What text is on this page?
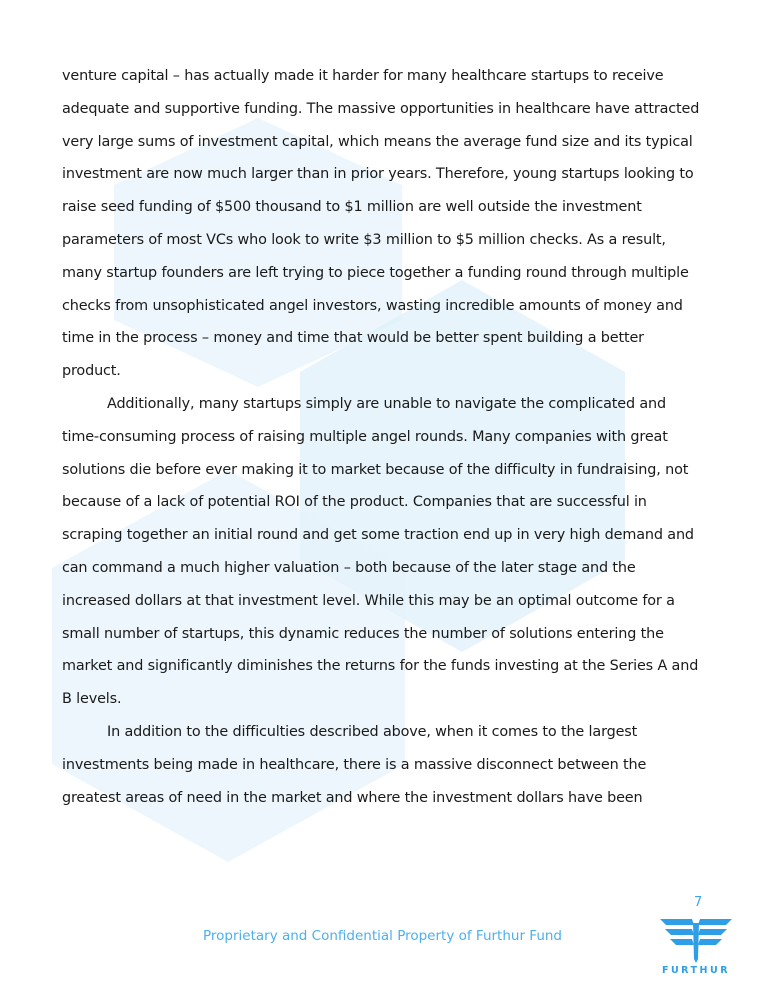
venture capital – has actually made it harder for many healthcare startups to receive adequate and supportive funding. The massive opportunities in healthcare have attracted very large sums of investment capital, which means the average fund size and its typical investment are now much larger than in prior years. Therefore, young startups looking to raise seed funding of $500 thousand to $1 million are well outside the investment parameters of most VCs who look to write $3 million to $5 million checks. As a result, many startup founders are left trying to piece together a funding round through multiple checks from unsophisticated angel investors, wasting incredible amounts of money and time in the process – money and time that would be better spent building a better product.

Additionally, many startups simply are unable to navigate the complicated and time-consuming process of raising multiple angel rounds. Many companies with great solutions die before ever making it to market because of the difficulty in fundraising, not because of a lack of potential ROI of the product. Companies that are successful in scraping together an initial round and get some traction end up in very high demand and can command a much higher valuation – both because of the later stage and the increased dollars at that investment level. While this may be an optimal outcome for a small number of startups, this dynamic reduces the number of solutions entering the market and significantly diminishes the returns for the funds investing at the Series A and B levels.

In addition to the difficulties described above, when it comes to the largest investments being made in healthcare, there is a massive disconnect between the greatest areas of need in the market and where the investment dollars have been

7
Proprietary and Confidential Property of Furthur Fund
FURTHUR
